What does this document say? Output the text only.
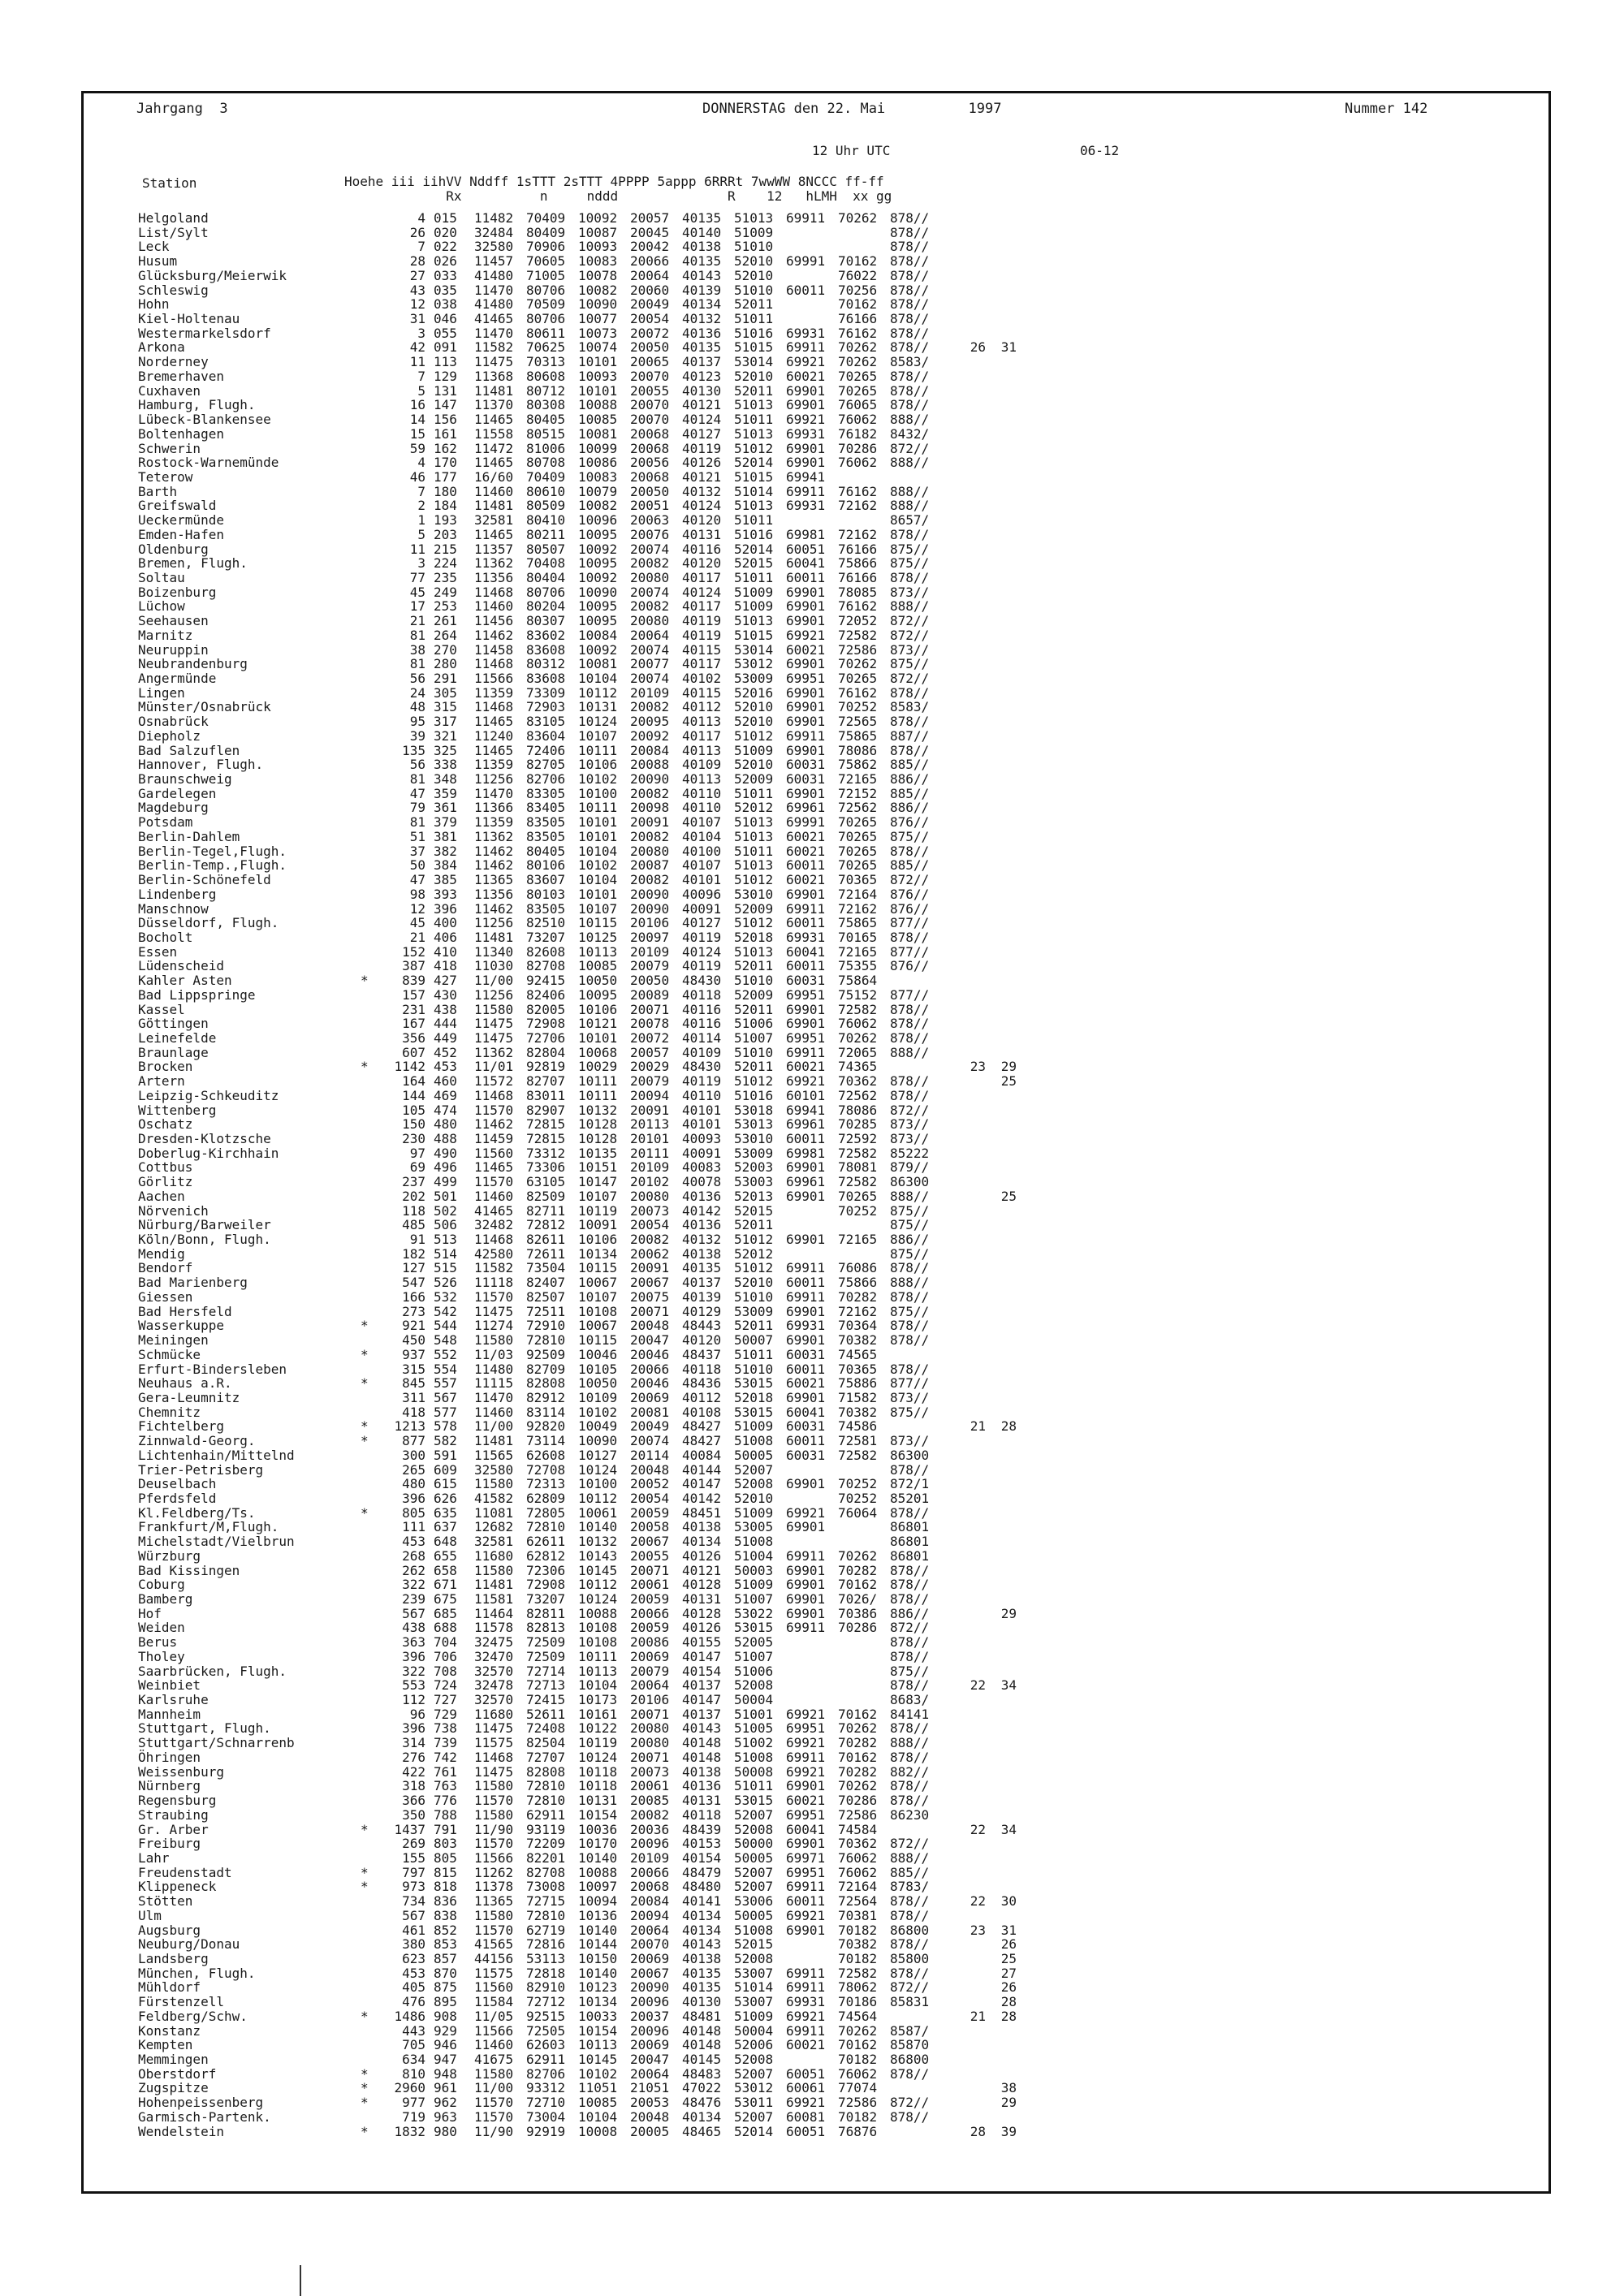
Jahrgang  3	DONNERSTAG den 22. Mai          1997	Nummer 142
12 Uhr UTC	06-12
Station	Hoehe iii iihVV Nddff 1sTTT 2sTTT 4PPPP 5appp 6RRRt 7wwWW 8NCCC ff-ff
Rx          n     nddd              R    12   hLMH  xx gg
Helgoland		4		015		11482	70409	10092	20057	40135	51013	69911	70262	878//		
List/Sylt		26		020		32484	80409	10087	20045	40140	51009			878//		
Leck		7		022		32580	70906	10093	20042	40138	51010			878//		
Husum		28		026		11457	70605	10083	20066	40135	52010	69991	70162	878//		
Glücksburg/Meierwik		27		033		41480	71005	10078	20064	40143	52010		76022	878//		
Schleswig		43		035		11470	80706	10082	20060	40139	51010	60011	70256	878//		
Hohn		12		038		41480	70509	10090	20049	40134	52011		70162	878//		
Kiel-Holtenau		31		046		41465	80706	10077	20054	40132	51011		76166	878//		
Westermarkelsdorf		3		055		11470	80611	10073	20072	40136	51016	69931	76162	878//		
Arkona		42		091		11582	70625	10074	20050	40135	51015	69911	70262	878//	26	31
Norderney		11		113		11475	70313	10101	20065	40137	53014	69921	70262	8583/		
Bremerhaven		7		129		11368	80608	10093	20070	40123	52010	60021	70265	878//		
Cuxhaven		5		131		11481	80712	10101	20055	40130	52011	69901	70265	878//		
Hamburg, Flugh.		16		147		11370	80308	10088	20070	40121	51013	69901	76065	878//		
Lübeck-Blankensee		14		156		11465	80405	10085	20070	40124	51011	69921	76062	888//		
Boltenhagen		15		161		11558	80515	10081	20068	40127	51013	69931	76182	8432/		
Schwerin		59		162		11472	81006	10099	20068	40119	51012	69901	70286	872//		
Rostock-Warnemünde		4		170		11465	80708	10086	20056	40126	52014	69901	76062	888//		
Teterow		46		177		16/60	70409	10083	20068	40121	51015	69941				
Barth		7		180		11460	80610	10079	20050	40132	51014	69911	76162	888//		
Greifswald		2		184		11481	80509	10082	20051	40124	51013	69931	72162	888//		
Ueckermünde		1		193		32581	80410	10096	20063	40120	51011			8657/		
Emden-Hafen		5		203		11465	80211	10095	20076	40131	51016	69981	72162	878//		
Oldenburg		11		215		11357	80507	10092	20074	40116	52014	60051	76166	875//		
Bremen, Flugh.		3		224		11362	70408	10095	20082	40120	52015	60041	75866	875//		
Soltau		77		235		11356	80404	10092	20080	40117	51011	60011	76166	878//		
Boizenburg		45		249		11468	80706	10090	20074	40124	51009	69901	78085	873//		
Lüchow		17		253		11460	80204	10095	20082	40117	51009	69901	76162	888//		
Seehausen		21		261		11456	80307	10095	20080	40119	51013	69901	72052	872//		
Marnitz		81		264		11462	83602	10084	20064	40119	51015	69921	72582	872//		
Neuruppin		38		270		11458	83608	10092	20074	40115	53014	60021	72586	873//		
Neubrandenburg		81		280		11468	80312	10081	20077	40117	53012	69901	70262	875//		
Angermünde		56		291		11566	83608	10104	20074	40102	53009	69951	70265	872//		
Lingen		24		305		11359	73309	10112	20109	40115	52016	69901	76162	878//		
Münster/Osnabrück		48		315		11468	72903	10131	20082	40112	52010	69901	70252	8583/		
Osnabrück		95		317		11465	83105	10124	20095	40113	52010	69901	72565	878//		
Diepholz		39		321		11240	83604	10107	20092	40117	51012	69911	75865	887//		
Bad Salzuflen		135		325		11465	72406	10111	20084	40113	51009	69901	78086	878//		
Hannover, Flugh.		56		338		11359	82705	10106	20088	40109	52010	60031	75862	885//		
Braunschweig		81		348		11256	82706	10102	20090	40113	52009	60031	72165	886//		
Gardelegen		47		359		11470	83305	10100	20082	40110	51011	69901	72152	885//		
Magdeburg		79		361		11366	83405	10111	20098	40110	52012	69961	72562	886//		
Potsdam		81		379		11359	83505	10101	20091	40107	51013	69991	70265	876//		
Berlin-Dahlem		51		381		11362	83505	10101	20082	40104	51013	60021	70265	875//		
Berlin-Tegel,Flugh.		37		382		11462	80405	10104	20080	40100	51011	60021	70265	878//		
Berlin-Temp.,Flugh.		50		384		11462	80106	10102	20087	40107	51013	60011	70265	885//		
Berlin-Schönefeld		47		385		11365	83607	10104	20082	40101	51012	60021	70365	872//		
Lindenberg		98		393		11356	80103	10101	20090	40096	53010	69901	72164	876//		
Manschnow		12		396		11462	83505	10107	20090	40091	52009	69911	72162	876//		
Düsseldorf, Flugh.		45		400		11256	82510	10115	20106	40127	51012	60011	75865	877//		
Bocholt		21		406		11481	73207	10125	20097	40119	52018	69931	70165	878//		
Essen		152		410		11340	82608	10113	20109	40124	51013	60041	72165	877//		
Lüdenscheid		387		418		11030	82708	10085	20079	40119	52011	60011	75355	876//		
Kahler Asten	*	839		427		11/00	92415	10050	20050	48430	51010	60031	75864			
Bad Lippspringe		157		430		11256	82406	10095	20089	40118	52009	69951	75152	877//		
Kassel		231		438		11580	82005	10106	20071	40116	52011	69901	72582	878//		
Göttingen		167		444		11475	72908	10121	20078	40116	51006	69901	76062	878//		
Leinefelde		356		449		11475	72706	10101	20072	40114	51007	69951	70262	878//		
Braunlage		607		452		11362	82804	10068	20057	40109	51010	69911	72065	888//		
Brocken	*	1142		453		11/01	92819	10029	20029	48430	52011	60021	74365		23	29
Artern		164		460		11572	82707	10111	20079	40119	51012	69921	70362	878//		25
Leipzig-Schkeuditz		144		469		11468	83011	10111	20094	40110	51016	60101	72562	878//		
Wittenberg		105		474		11570	82907	10132	20091	40101	53018	69941	78086	872//		
Oschatz		150		480		11462	72815	10128	20113	40101	53013	69961	70285	873//		
Dresden-Klotzsche		230		488		11459	72815	10128	20101	40093	53010	60011	72592	873//		
Doberlug-Kirchhain		97		490		11560	73312	10135	20111	40091	53009	69981	72582	85222		
Cottbus		69		496		11465	73306	10151	20109	40083	52003	69901	78081	879//		
Görlitz		237		499		11570	63105	10147	20102	40078	53003	69961	72582	86300		
Aachen		202		501		11460	82509	10107	20080	40136	52013	69901	70265	888//		25
Nörvenich		118		502		41465	82711	10119	20073	40142	52015		70252	875//		
Nürburg/Barweiler		485		506		32482	72812	10091	20054	40136	52011			875//		
Köln/Bonn, Flugh.		91		513		11468	82611	10106	20082	40132	51012	69901	72165	886//		
Mendig		182		514		42580	72611	10134	20062	40138	52012			875//		
Bendorf		127		515		11582	73504	10115	20091	40135	51012	69911	76086	878//		
Bad Marienberg		547		526		11118	82407	10067	20067	40137	52010	60011	75866	888//		
Giessen		166		532		11570	82507	10107	20075	40139	51010	69911	70282	878//		
Bad Hersfeld		273		542		11475	72511	10108	20071	40129	53009	69901	72162	875//		
Wasserkuppe	*	921		544		11274	72910	10067	20048	48443	52011	69931	70364	878//		
Meiningen		450		548		11580	72810	10115	20047	40120	50007	69901	70382	878//		
Schmücke	*	937		552		11/03	92509	10046	20046	48437	51011	60031	74565			
Erfurt-Bindersleben		315		554		11480	82709	10105	20066	40118	51010	60011	70365	878//		
Neuhaus a.R.	*	845		557		11115	82808	10050	20046	48436	53015	60021	75886	877//		
Gera-Leumnitz		311		567		11470	82912	10109	20069	40112	52018	69901	71582	873//		
Chemnitz		418		577		11460	83114	10102	20081	40108	53015	60041	70382	875//		
Fichtelberg	*	1213		578		11/00	92820	10049	20049	48427	51009	60031	74586		21	28
Zinnwald-Georg.	*	877		582		11481	73114	10090	20074	48427	51008	60011	72581	873//		
Lichtenhain/Mittelnd		300		591		11565	62608	10127	20114	40084	50005	60031	72582	86300		
Trier-Petrisberg		265		609		32580	72708	10124	20048	40144	52007			878//		
Deuselbach		480		615		11580	72313	10100	20052	40147	52008	69901	70252	872/1		
Pferdsfeld		396		626		41582	62809	10112	20054	40142	52010		70252	85201		
Kl.Feldberg/Ts.	*	805		635		11081	72805	10061	20059	48451	51009	69921	76064	878//		
Frankfurt/M,Flugh.		111		637		12682	72810	10140	20058	40138	53005	69901		86801		
Michelstadt/Vielbrun		453		648		32581	62611	10132	20067	40134	51008			86801		
Würzburg		268		655		11680	62812	10143	20055	40126	51004	69911	70262	86801		
Bad Kissingen		262		658		11580	72306	10145	20071	40121	50003	69901	70282	878//		
Coburg		322		671		11481	72908	10112	20061	40128	51009	69901	70162	878//		
Bamberg		239		675		11581	73207	10124	20059	40131	51007	69901	7026/	878//		
Hof		567		685		11464	82811	10088	20066	40128	53022	69901	70386	886//		29
Weiden		438		688		11578	82813	10108	20059	40126	53015	69911	70286	872//		
Berus		363		704		32475	72509	10108	20086	40155	52005			878//		
Tholey		396		706		32470	72509	10111	20069	40147	51007			878//		
Saarbrücken, Flugh.		322		708		32570	72714	10113	20079	40154	51006			875//		
Weinbiet		553		724		32478	72713	10104	20064	40137	52008			878//	22	34
Karlsruhe		112		727		32570	72415	10173	20106	40147	50004			8683/		
Mannheim		96		729		11680	52611	10161	20071	40137	51001	69921	70162	84141		
Stuttgart, Flugh.		396		738		11475	72408	10122	20080	40143	51005	69951	70262	878//		
Stuttgart/Schnarrenb		314		739		11575	82504	10119	20080	40148	51002	69921	70282	888//		
Öhringen		276		742		11468	72707	10124	20071	40148	51008	69911	70162	878//		
Weissenburg		422		761		11475	82808	10118	20073	40138	50008	69921	70282	882//		
Nürnberg		318		763		11580	72810	10118	20061	40136	51011	69901	70262	878//		
Regensburg		366		776		11570	72810	10131	20085	40131	53015	60021	70286	878//		
Straubing		350		788		11580	62911	10154	20082	40118	52007	69951	72586	86230		
Gr. Arber	*	1437		791		11/90	93119	10036	20036	48439	52008	60041	74584		22	34
Freiburg		269		803		11570	72209	10170	20096	40153	50000	69901	70362	872//		
Lahr		155		805		11566	82201	10140	20109	40154	50005	69971	76062	888//		
Freudenstadt	*	797		815		11262	82708	10088	20066	48479	52007	69951	76062	885//		
Klippeneck	*	973		818		11378	73008	10097	20068	48480	52007	69911	72164	8783/		
Stötten		734		836		11365	72715	10094	20084	40141	53006	60011	72564	878//	22	30
Ulm		567		838		11580	72810	10136	20094	40134	50005	69921	70381	878//		
Augsburg		461		852		11570	62719	10140	20064	40134	51008	69901	70182	86800	23	31
Neuburg/Donau		380		853		41565	72816	10144	20070	40143	52015		70382	878//		26
Landsberg		623		857		44156	53113	10150	20069	40138	52008		70182	85800		25
München, Flugh.		453		870		11575	72818	10140	20067	40135	53007	69911	72582	878//		27
Mühldorf		405		875		11560	82910	10123	20090	40135	51014	69911	78062	872//		26
Fürstenzell		476		895		11584	72712	10134	20096	40130	53007	69931	70186	85831		28
Feldberg/Schw.	*	1486		908		11/05	92515	10033	20037	48481	51009	69921	74564		21	28
Konstanz		443		929		11566	72505	10154	20096	40148	50004	69911	70262	8587/		
Kempten		705		946		11460	62603	10113	20069	40148	52006	60021	70162	85870		
Memmingen		634		947		41675	62911	10145	20047	40145	52008		70182	86800		
Oberstdorf	*	810		948		11580	82706	10102	20064	48483	52007	60051	76062	878//		
Zugspitze	*	2960		961		11/00	93312	11051	21051	47022	53012	60061	77074			38
Hohenpeissenberg	*	977		962		11570	72710	10085	20053	48476	53011	69921	72586	872//		29
Garmisch-Partenk.		719		963		11570	73004	10104	20048	40134	52007	60081	70182	878//		
Wendelstein	*	1832		980		11/90	92919	10008	20005	48465	52014	60051	76876		28	39
